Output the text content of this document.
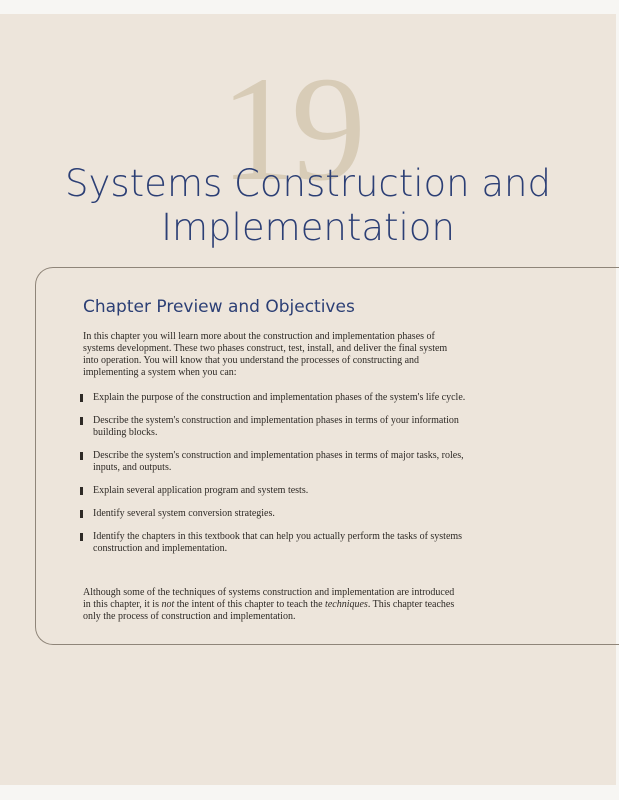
19
Systems Construction and
Implementation
Chapter Preview and Objectives

In this chapter you will learn more about the construction and implementation phases of systems development. These two phases construct, test, install, and deliver the final system into operation. You will know that you understand the processes of constructing and implementing a system when you can:

Explain the purpose of the construction and implementation phases of the system's life cycle.
Describe the system's construction and implementation phases in terms of your information building blocks.
Describe the system's construction and implementation phases in terms of major tasks, roles, inputs, and outputs.
Explain several application program and system tests.
Identify several system conversion strategies.
Identify the chapters in this textbook that can help you actually perform the tasks of systems construction and implementation.

Although some of the techniques of systems construction and implementation are introduced in this chapter, it is not the intent of this chapter to teach the techniques. This chapter teaches only the process of construction and implementation.
